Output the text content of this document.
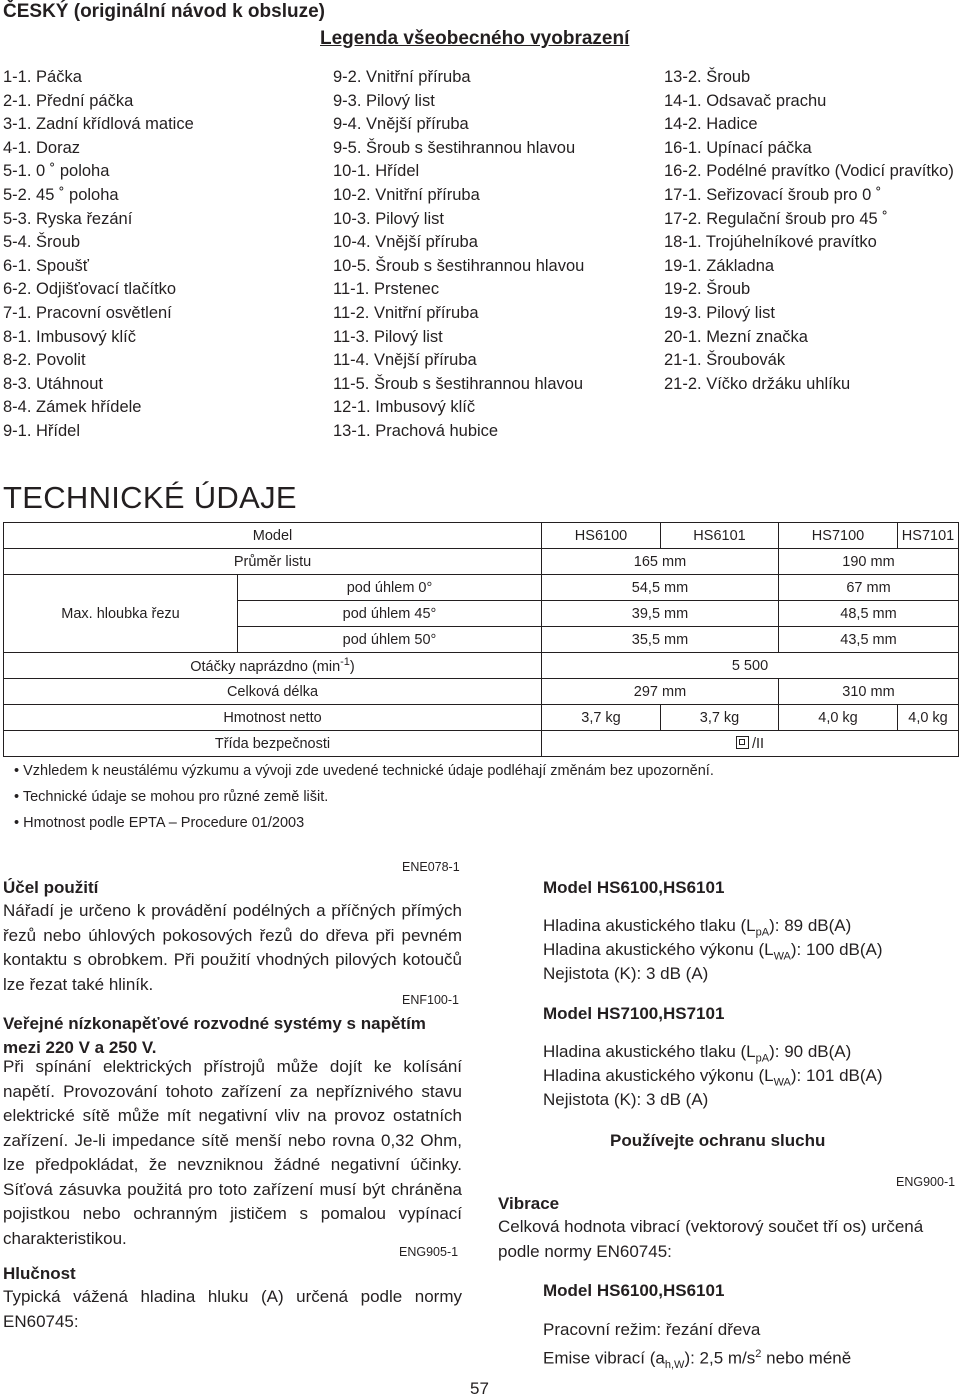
ČESKÝ (originální návod k obsluze)
Legenda všeobecného vyobrazení
1-1. Páčka
2-1. Přední páčka
3-1. Zadní křídlová matice
4-1. Doraz
5-1. 0 ˚ poloha
5-2. 45 ˚ poloha
5-3. Ryska řezání
5-4. Šroub
6-1. Spoušť
6-2. Odjišťovací tlačítko
7-1. Pracovní osvětlení
8-1. Imbusový klíč
8-2. Povolit
8-3. Utáhnout
8-4. Zámek hřídele
9-1. Hřídel
9-2. Vnitřní příruba
9-3. Pilový list
9-4. Vnější příruba
9-5. Šroub s šestihrannou hlavou
10-1. Hřídel
10-2. Vnitřní příruba
10-3. Pilový list
10-4. Vnější příruba
10-5. Šroub s šestihrannou hlavou
11-1. Prstenec
11-2. Vnitřní příruba
11-3. Pilový list
11-4. Vnější příruba
11-5. Šroub s šestihrannou hlavou
12-1. Imbusový klíč
13-1. Prachová hubice
13-2. Šroub
14-1. Odsavač prachu
14-2. Hadice
16-1. Upínací páčka
16-2. Podélné pravítko (Vodicí pravítko)
17-1. Seřizovací šroub pro 0 ˚
17-2. Regulační šroub pro 45 ˚
18-1. Trojúhelníkové pravítko
19-1. Základna
19-2. Šroub
19-3. Pilový list
20-1. Mezní značka
21-1. Šroubovák
21-2. Víčko držáku uhlíku
TECHNICKÉ ÚDAJE
Model		HS6100	HS6101	HS7100	HS7101
Průměr listu		165 mm		190 mm	
Max. hloubka řezu	pod úhlem 0°	54,5 mm		67 mm	
	pod úhlem 45°	39,5 mm		48,5 mm	
	pod úhlem 50°	35,5 mm		43,5 mm	
Otáčky naprázdno $(\min^{-1})$		5 500			
Celková délka		297 mm		310 mm	
Hmotnost netto		3,7 kg	3,7 kg	4,0 kg	4,0 kg
Třída bezpečnosti		/II			
• Vzhledem k neustálému výzkumu a vývoji zde uvedené technické údaje podléhají změnám bez upozornění.
• Technické údaje se mohou pro různé země lišit.
• Hmotnost podle EPTA – Procedure 01/2003
ENE078-1
Účel použití
Nářadí je určeno k provádění podélných a příčných přímých řezů nebo úhlových pokosových řezů do dřeva při pevném kontaktu s obrobkem. Při použití vhodných pilových kotoučů lze řezat také hliník.
ENF100-1
Veřejné nízkonapěťové rozvodné systémy s napětím mezi 220 V a 250 V.
Při spínání elektrických přístrojů může dojít ke kolísání napětí. Provozování tohoto zařízení za nepříznivého stavu elektrické sítě může mít negativní vliv na provoz ostatních zařízení. Je-li impedance sítě menší nebo rovna 0,32 Ohm, lze předpokládat, že nevzniknou žádné negativní účinky. Síťová zásuvka použitá pro toto zařízení musí být chráněna pojistkou nebo ochranným jističem s pomalou vypínací charakteristikou.
ENG905-1
Hlučnost
Typická vážená hladina hluku (A) určená podle normy EN60745:
Model HS6100,HS6101
Hladina akustického tlaku $(L_{pA})$: 89 dB(A)
Hladina akustického výkonu $(L_{WA})$: 100 dB(A)
Nejistota (K): 3 dB (A)
Model HS7100,HS7101
Hladina akustického tlaku $(L_{pA})$: 90 dB(A)
Hladina akustického výkonu $(L_{WA})$: 101 dB(A)
Nejistota (K): 3 dB (A)
Používejte ochranu sluchu
ENG900-1
Vibrace
Celková hodnota vibrací (vektorový součet tří os) určená podle normy EN60745:
Model HS6100,HS6101
Pracovní režim: řezání dřeva
Emise vibrací $(a_{h,W})$: 2,5 $m/s^2$ nebo méně
57
